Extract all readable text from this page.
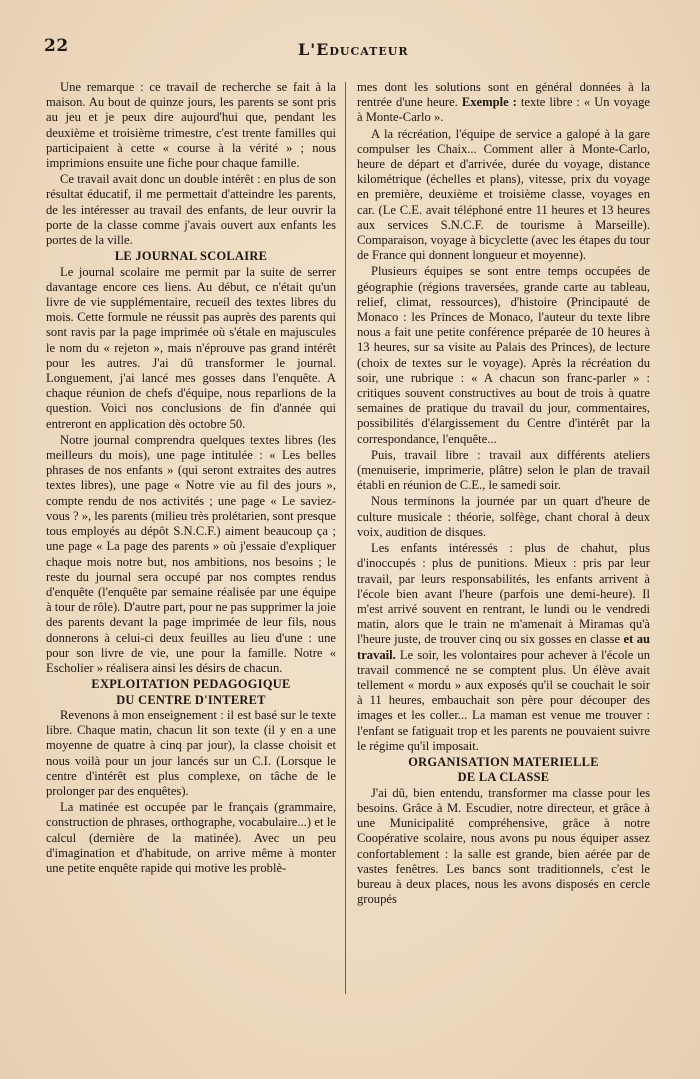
22	L'Educateur

Une remarque : ce travail de recherche se fait à la maison. Au bout de quinze jours, les parents se sont pris au jeu et je peux dire aujourd'hui que, pendant les deuxième et troisième trimestre, c'est trente familles qui participaient à cette « course à la vérité » ; nous imprimions ensuite une fiche pour chaque famille.

Ce travail avait donc un double intérêt : en plus de son résultat éducatif, il me permettait d'atteindre les parents, de les intéresser au travail des enfants, de leur ouvrir la porte de la classe comme j'avais ouvert aux enfants les portes de la ville.

LE JOURNAL SCOLAIRE

Le journal scolaire me permit par la suite de serrer davantage encore ces liens. Au début, ce n'était qu'un livre de vie supplémentaire, recueil des textes libres du mois. Cette formule ne réussit pas auprès des parents qui sont ravis par la page imprimée où s'étale en majuscules le nom du « rejeton », mais n'éprouve pas grand intérêt pour les autres. J'ai dû transformer le journal. Longuement, j'ai lancé mes gosses dans l'enquête. A chaque réunion de chefs d'équipe, nous reparlions de la question. Voici nos conclusions de fin d'année qui entreront en application dès octobre 50.

Notre journal comprendra quelques textes libres (les meilleurs du mois), une page intitulée : « Les belles phrases de nos enfants » (qui seront extraites des autres textes libres), une page « Notre vie au fil des jours », compte rendu de nos activités ; une page « Le saviez-vous ? », les parents (milieu très prolétarien, sont presque tous employés au dépôt S.N.C.F.) aiment beaucoup ça ; une page « La page des parents » où j'essaie d'expliquer chaque mois notre but, nos ambitions, nos besoins ; le reste du journal sera occupé par nos comptes rendus d'enquête (l'enquête par semaine réalisée par une équipe à tour de rôle). D'autre part, pour ne pas supprimer la joie des parents devant la page imprimée de leur fils, nous donnerons à celui-ci deux feuilles au lieu d'une : une pour son livre de vie, une pour la famille. Notre « Escholier » réalisera ainsi les désirs de chacun.

EXPLOITATION PEDAGOGIQUE
DU CENTRE D'INTERET

Revenons à mon enseignement : il est basé sur le texte libre. Chaque matin, chacun lit son texte (il y en a une moyenne de quatre à cinq par jour), la classe choisit et nous voilà pour un jour lancés sur un C.I. (Lorsque le centre d'intérêt est plus complexe, on tâche de le prolonger par des enquêtes).

La matinée est occupée par le français (grammaire, construction de phrases, orthographe, vocabulaire...) et le calcul (dernière de la matinée). Avec un peu d'imagination et d'habitude, on arrive même à monter une petite enquête rapide qui motive les problè-

mes dont les solutions sont en général données à la rentrée d'une heure. Exemple : texte libre : « Un voyage à Monte-Carlo ».

A la récréation, l'équipe de service a galopé à la gare compulser les Chaix... Comment aller à Monte-Carlo, heure de départ et d'arrivée, durée du voyage, distance kilométrique (échelles et plans), vitesse, prix du voyage en première, deuxième et troisième classe, voyages en car. (Le C.E. avait téléphoné entre 11 heures et 13 heures aux services S.N.C.F. de tourisme à Marseille). Comparaison, voyage à bicyclette (avec les étapes du tour de France qui donnent longueur et moyenne).

Plusieurs équipes se sont entre temps occupées de géographie (régions traversées, grande carte au tableau, relief, climat, ressources), d'histoire (Principauté de Monaco : les Princes de Monaco, l'auteur du texte libre nous a fait une petite conférence préparée de 10 heures à 13 heures, sur sa visite au Palais des Princes), de lecture (choix de textes sur le voyage). Après la récréation du soir, une rubrique : « A chacun son franc-parler » : critiques souvent constructives au bout de trois à quatre semaines de pratique du travail du jour, commentaires, possibilités d'élargissement du Centre d'intérêt par la correspondance, l'enquête...

Puis, travail libre : travail aux différents ateliers (menuiserie, imprimerie, plâtre) selon le plan de travail établi en réunion de C.E., le samedi soir.

Nous terminons la journée par un quart d'heure de culture musicale : théorie, solfège, chant choral à deux voix, audition de disques.

Les enfants intéressés : plus de chahut, plus d'inoccupés : plus de punitions. Mieux : pris par leur travail, par leurs responsabilités, les enfants arrivent à l'école bien avant l'heure (parfois une demi-heure). Il m'est arrivé souvent en rentrant, le lundi ou le vendredi matin, alors que le train ne m'amenait à Miramas qu'à l'heure juste, de trouver cinq ou six gosses en classe et au travail. Le soir, les volontaires pour achever à l'école un travail commencé ne se comptent plus. Un élève avait tellement « mordu » aux exposés qu'il se couchait le soir à 11 heures, embauchait son père pour découper des images et les coller... La maman est venue me trouver : l'enfant se fatiguait trop et les parents ne pouvaient suivre le régime qu'il imposait.

ORGANISATION MATERIELLE
DE LA CLASSE

J'ai dû, bien entendu, transformer ma classe pour les besoins. Grâce à M. Escudier, notre directeur, et grâce à une Municipalité compréhensive, grâce à notre Coopérative scolaire, nous avons pu nous équiper assez confortablement : la salle est grande, bien aérée par de vastes fenêtres. Les bancs sont traditionnels, c'est le bureau à deux places, nous les avons disposés en cercle groupés
